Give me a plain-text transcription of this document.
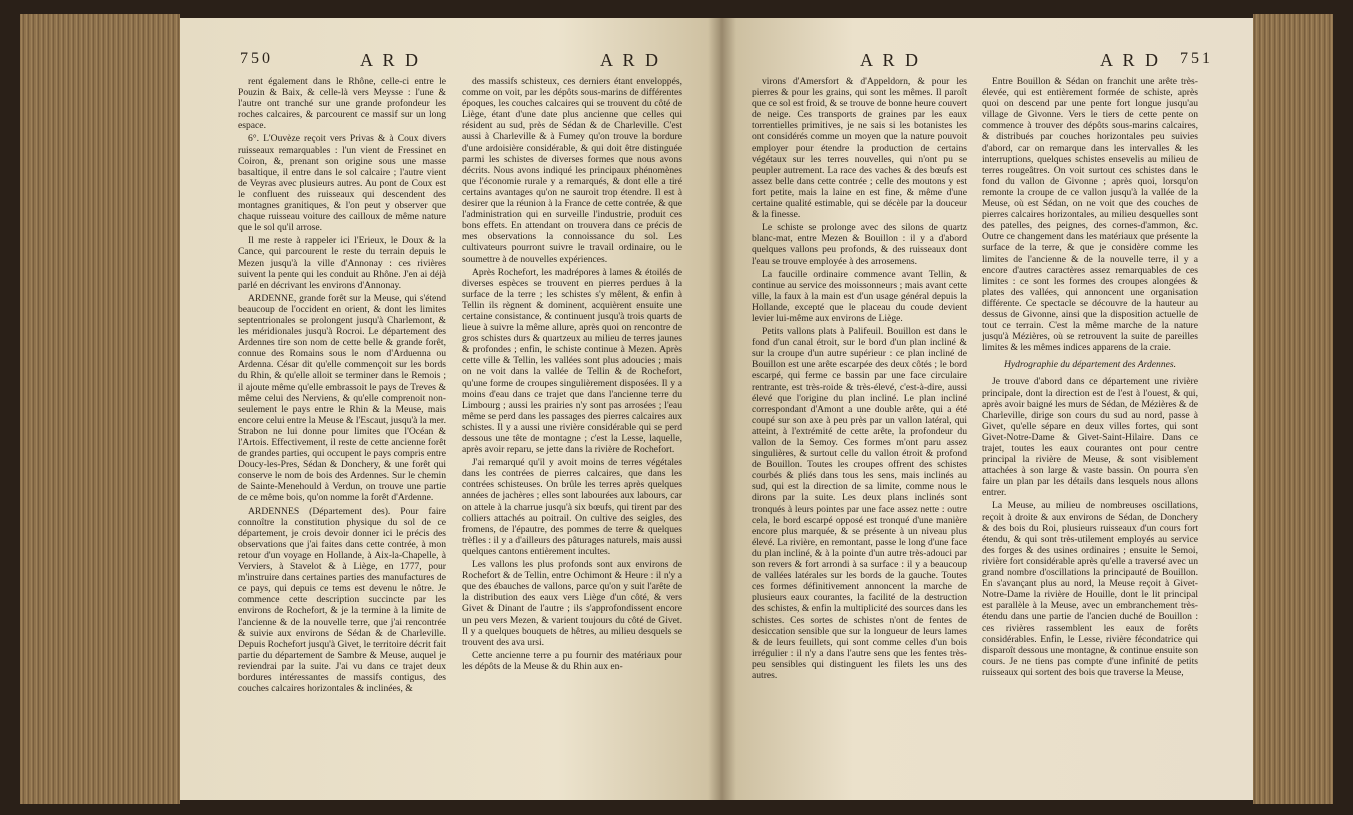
750	A R D	A R D

rent également dans le Rhône, celle-ci entre le Pouzin & Baix, & celle-là vers Meysse : l'une & l'autre ont tranché sur une grande profondeur les roches calcaires, & parcourent ce massif sur un long espace.

6°. L'Ouvèze reçoit vers Privas & à Coux divers ruisseaux remarquables : l'un vient de Fressinet en Coiron, &, prenant son origine sous une masse basaltique, il entre dans le sol calcaire ; l'autre vient de Veyras avec plusieurs autres. Au pont de Coux est le confluent des ruisseaux qui descendent des montagnes granitiques, & l'on peut y observer que chaque ruisseau voiture des cailloux de même nature que le sol qu'il arrose.

Il me reste à rappeler ici l'Erieux, le Doux & la Cance, qui parcourent le reste du terrain depuis le Mezen jusqu'à la ville d'Annonay : ces rivières suivent la pente qui les conduit au Rhône. J'en ai déjà parlé en décrivant les environs d'Annonay.

ARDENNE, grande forêt sur la Meuse, qui s'étend beaucoup de l'occident en orient, & dont les limites septentrionales se prolongent jusqu'à Charlemont, & les méridionales jusqu'à Rocroi. Le département des Ardennes tire son nom de cette belle & grande forêt, connue des Romains sous le nom d'Arduenna ou Ardenna. César dit qu'elle commençoit sur les bords du Rhin, & qu'elle alloit se terminer dans le Remois ; il ajoute même qu'elle embrassoit le pays de Treves & même celui des Nerviens, & qu'elle comprenoit non-seulement le pays entre le Rhin & la Meuse, mais encore celui entre la Meuse & l'Escaut, jusqu'à la mer. Strabon ne lui donne pour limites que l'Océan & l'Artois. Effectivement, il reste de cette ancienne forêt de grandes parties, qui occupent le pays compris entre Doucy-les-Pres, Sédan & Donchery, & une forêt qui conserve le nom de bois des Ardennes. Sur le chemin de Sainte-Menehould à Verdun, on trouve une partie de ce même bois, qu'on nomme la forêt d'Ardenne.

ARDENNES (Département des). Pour faire connoître la constitution physique du sol de ce département, je crois devoir donner ici le précis des observations que j'ai faites dans cette contrée, à mon retour d'un voyage en Hollande, à Aix-la-Chapelle, à Verviers, à Stavelot & à Liège, en 1777, pour m'instruire dans certaines parties des manufactures de ce pays, qui depuis ce tems est devenu le nôtre. Je commence cette description succincte par les environs de Rochefort, & je la termine à la limite de l'ancienne & de la nouvelle terre, que j'ai rencontrée & suivie aux environs de Sédan & de Charleville. Depuis Rochefort jusqu'à Givet, le territoire décrit fait partie du département de Sambre & Meuse, auquel je reviendrai par la suite. J'ai vu dans ce trajet deux bordures intéressantes de massifs contigus, des couches calcaires horizontales & inclinées, &

des massifs schisteux, ces derniers étant enveloppés, comme on voit, par les dépôts sous-marins de différentes époques, les couches calcaires qui se trouvent du côté de Liège, étant d'une date plus ancienne que celles qui résident au sud, près de Sédan & de Charleville. C'est aussi à Charleville & à Fumey qu'on trouve la bordure d'une ardoisière considérable, & qui doit être distinguée parmi les schistes de diverses formes que nous avons décrits. Nous avons indiqué les principaux phénomènes que l'économie rurale y a remarqués, & dont elle a tiré certains avantages qu'on ne sauroit trop étendre. Il est à desirer que la réunion à la France de cette contrée, & que l'administration qui en surveille l'industrie, produit ces bons effets. En attendant on trouvera dans ce précis de mes observations la connoissance du sol. Les cultivateurs pourront suivre le travail ordinaire, ou le soumettre à de nouvelles expériences.

Après Rochefort, les madrépores à lames & étoilés de diverses espèces se trouvent en pierres perdues à la surface de la terre ; les schistes s'y mêlent, & enfin à Tellin ils règnent & dominent, acquièrent ensuite une certaine consistance, & continuent jusqu'à trois quarts de lieue à suivre la même allure, après quoi on rencontre de gros schistes durs & quartzeux au milieu de terres jaunes & profondes ; enfin, le schiste continue à Mezen. Après cette ville & Tellin, les vallées sont plus adoucies ; mais on ne voit dans la vallée de Tellin & de Rochefort, qu'une forme de croupes singulièrement disposées. Il y a moins d'eau dans ce trajet que dans l'ancienne terre du Limbourg ; aussi les prairies n'y sont pas arrosées ; l'eau même se perd dans les passages des pierres calcaires aux schistes. Il y a aussi une rivière considérable qui se perd dessous une tête de montagne ; c'est la Lesse, laquelle, après avoir reparu, se jette dans la rivière de Rochefort.

J'ai remarqué qu'il y avoit moins de terres végétales dans les contrées de pierres calcaires, que dans les contrées schisteuses. On brûle les terres après quelques années de jachères ; elles sont labourées aux labours, car on attele à la charrue jusqu'à six bœufs, qui tirent par des colliers attachés au poitrail. On cultive des seigles, des fromens, de l'épautre, des pommes de terre & quelques trèfles : il y a d'ailleurs des pâturages naturels, mais aussi quelques cantons entièrement incultes.

Les vallons les plus profonds sont aux environs de Rochefort & de Tellin, entre Ochimont & Heure : il n'y a que des ébauches de vallons, parce qu'on y suit l'arête de la distribution des eaux vers Liège d'un côté, & vers Givet & Dinant de l'autre ; ils s'approfondissent encore un peu vers Mezen, & varient toujours du côté de Givet. Il y a quelques bouquets de hêtres, au milieu desquels se trouvent des ava ursi.

Cette ancienne terre a pu fournir des matériaux pour les dépôts de la Meuse & du Rhin aux en-

A R D	A R D 751

virons d'Amersfort & d'Appeldorn, & pour les pierres & pour les grains, qui sont les mêmes. Il paroît que ce sol est froid, & se trouve de bonne heure couvert de neige. Ces transports de graines par les eaux torrentielles primitives, je ne sais si les botanistes les ont considérés comme un moyen que la nature pouvoit employer pour étendre la production de certains végétaux sur les terres nouvelles, qui n'ont pu se peupler autrement. La race des vaches & des bœufs est assez belle dans cette contrée ; celle des moutons y est fort petite, mais la laine en est fine, & même d'une certaine qualité estimable, qui se décèle par la douceur & la finesse.

Le schiste se prolonge avec des silons de quartz blanc-mat, entre Mezen & Bouillon : il y a d'abord quelques vallons peu profonds, & des ruisseaux dont l'eau se trouve employée à des arrosemens.

La faucille ordinaire commence avant Tellin, & continue au service des moissonneurs ; mais avant cette ville, la faux à la main est d'un usage général depuis la Hollande, excepté que le placeau du coude devient levier lui-même aux environs de Liège.

Petits vallons plats à Palifeuil. Bouillon est dans le fond d'un canal étroit, sur le bord d'un plan incliné & sur la croupe d'un autre supérieur : ce plan incliné de Bouillon est une arête escarpée des deux côtés ; le bord escarpé, qui ferme ce bassin par une face circulaire rentrante, est très-roide & très-élevé, c'est-à-dire, aussi élevé que l'origine du plan incliné. Le plan incliné correspondant d'Amont a une double arête, qui a été coupé sur son axe à peu près par un vallon latéral, qui atteint, à l'extrémité de cette arête, la profondeur du vallon de la Semoy. Ces formes m'ont paru assez singulières, & surtout celle du vallon étroit & profond de Bouillon. Toutes les croupes offrent des schistes courbés & pliés dans tous les sens, mais inclinés au sud, qui est la direction de sa limite, comme nous le dirons par la suite. Les deux plans inclinés sont tronqués à leurs pointes par une face assez nette : outre cela, le bord escarpé opposé est tronqué d'une manière encore plus marquée, & se présente à un niveau plus élevé. La rivière, en remontant, passe le long d'une face du plan incliné, & à la pointe d'un autre très-adouci par son revers & fort arrondi à sa surface : il y a beaucoup de vallées latérales sur les bords de la gauche. Toutes ces formes définitivement annoncent la marche de plusieurs eaux courantes, la facilité de la destruction des schistes, & enfin la multiplicité des sources dans les schistes. Ces sortes de schistes n'ont de fentes de desiccation sensible que sur la longueur de leurs lames & de leurs feuillets, qui sont comme celles d'un bois irrégulier : il n'y a dans l'autre sens que les fentes très-peu sensibles qui distinguent les filets les uns des autres.

Entre Bouillon & Sédan on franchit une arête très-élevée, qui est entièrement formée de schiste, après quoi on descend par une pente fort longue jusqu'au village de Givonne. Vers le tiers de cette pente on commence à trouver des dépôts sous-marins calcaires, & distribués par couches horizontales peu suivies d'abord, car on remarque dans les intervalles & les interruptions, quelques schistes ensevelis au milieu de terres rougeâtres. On voit surtout ces schistes dans le fond du vallon de Givonne ; après quoi, lorsqu'on remonte la croupe de ce vallon jusqu'à la vallée de la Meuse, où est Sédan, on ne voit que des couches de pierres calcaires horizontales, au milieu desquelles sont des patelles, des peignes, des cornes-d'ammon, &c. Outre ce changement dans les matériaux que présente la surface de la terre, & que je considère comme les limites de l'ancienne & de la nouvelle terre, il y a encore d'autres caractères assez remarquables de ces limites : ce sont les formes des croupes alongées & plates des vallées, qui annoncent une organisation différente. Ce spectacle se découvre de la hauteur au dessus de Givonne, ainsi que la disposition actuelle de tout ce terrain. C'est la même marche de la nature jusqu'à Mézières, où se retrouvent la suite de pareilles limites & les mêmes indices apparens de la craie.

Hydrographie du département des Ardennes.

Je trouve d'abord dans ce département une rivière principale, dont la direction est de l'est à l'ouest, & qui, après avoir baigné les murs de Sédan, de Mézières & de Charleville, dirige son cours du sud au nord, passe à Givet, qu'elle sépare en deux villes fortes, qui sont Givet-Notre-Dame & Givet-Saint-Hilaire. Dans ce trajet, toutes les eaux courantes ont pour centre principal la rivière de Meuse, & sont visiblement attachées à son large & vaste bassin. On pourra s'en faire un plan par les détails dans lesquels nous allons entrer.

La Meuse, au milieu de nombreuses oscillations, reçoit à droite & aux environs de Sédan, de Donchery & des bois du Roi, plusieurs ruisseaux d'un cours fort étendu, & qui sont très-utilement employés au service des forges & des usines ordinaires ; ensuite le Semoi, rivière fort considérable après qu'elle a traversé avec un grand nombre d'oscillations la principauté de Bouillon. En s'avançant plus au nord, la Meuse reçoit à Givet-Notre-Dame la rivière de Houille, dont le lit principal est parallèle à la Meuse, avec un embranchement très-étendu dans une partie de l'ancien duché de Bouillon : ces rivières rassemblent les eaux de forêts considérables. Enfin, le Lesse, rivière fécondatrice qui disparoît dessous une montagne, & continue ensuite son cours. Je ne tiens pas compte d'une infinité de petits ruisseaux qui sortent des bois que traverse la Meuse,
